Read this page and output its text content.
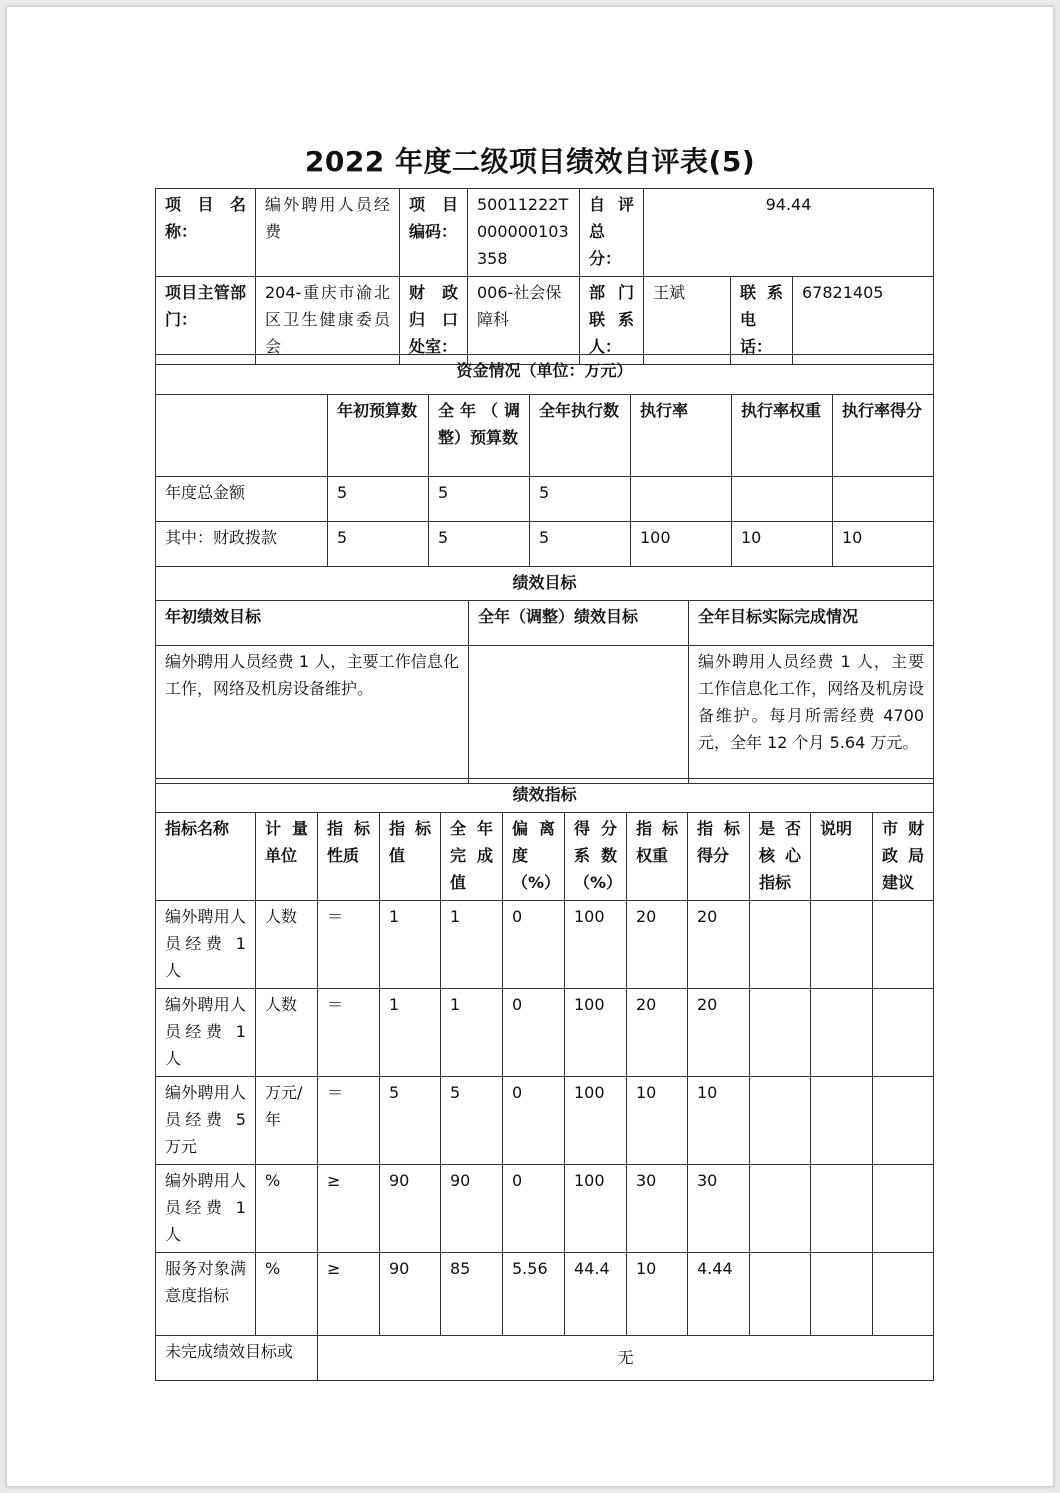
2022 年度二级项目绩效自评表(5)
项 目 名称：	编外聘用人员经费	项 目 编码：	50011222T000000103358	自 评 总 分：	94.44		
项目主管部门：	204-重庆市渝北区卫生健康委员会	财 政 归 口 处室：	006-社会保障科	部 门 联 系 人：	王斌	联 系 电 话：	67821405
资金情况（单位：万元）						
	年初预算数	全年（调整）预算数	全年执行数	执行率	执行率权重	执行率得分
年度总金额	5	5	5			
其中：财政拨款	5	5	5	100	10	10
绩效目标		
年初绩效目标	全年（调整）绩效目标	全年目标实际完成情况
编外聘用人员经费 1 人，主要工作信息化工作，网络及机房设备维护。		编外聘用人员经费 1 人，主要工作信息化工作，网络及机房设备维护。每月所需经费 4700 元，全年 12 个月 5.64 万元。
绩效指标											
指标名称	计量单位	指标性质	指标值	全年完成值	偏离度（%）	得分系数（%）	指标权重	指标得分	是否核心指标	说明	市财政局建议
编外聘用人员经费 1 人	人数	＝	1	1	0	100	20	20			
编外聘用人员经费 1 人	人数	＝	1	1	0	100	20	20			
编外聘用人员经费 5 万元	万元/年	＝	5	5	0	100	10	10			
编外聘用人员经费 1 人	%	≥	90	90	0	100	30	30			
服务对象满意度指标	%	≥	90	85	5.56	44.4	10	4.44			
未完成绩效目标或		无									
